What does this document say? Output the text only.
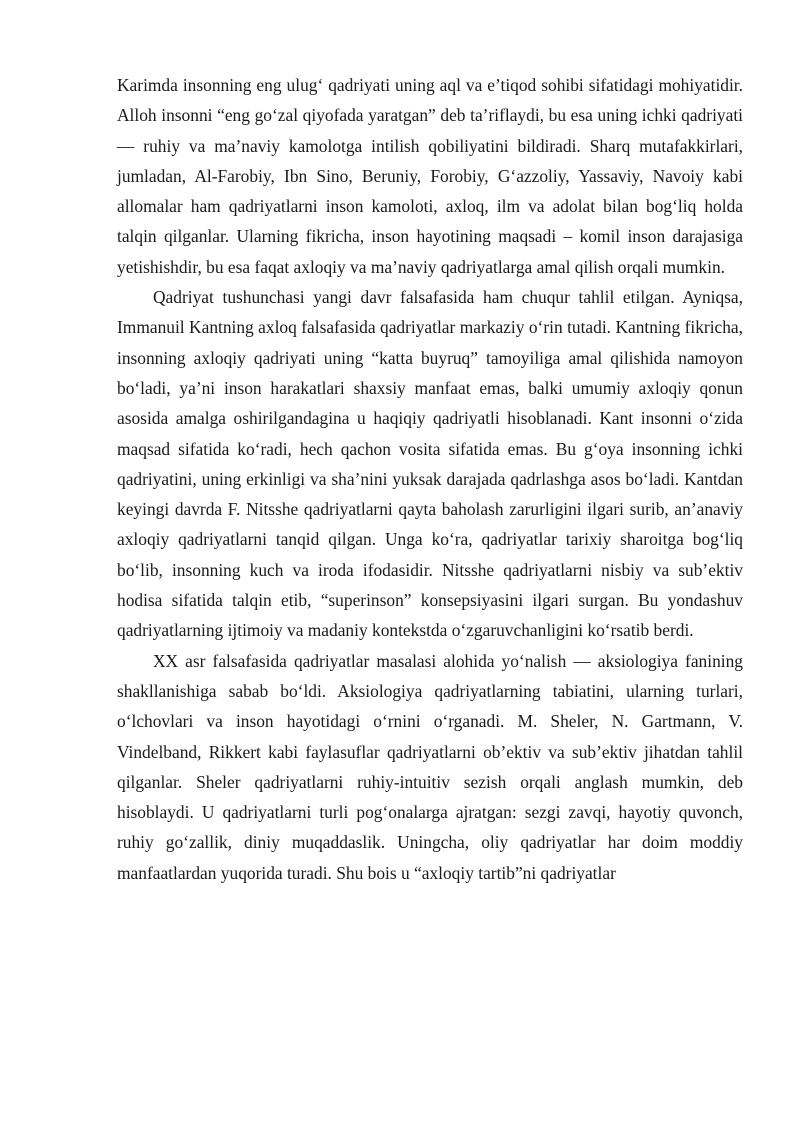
Karimda insonning eng ulug‘ qadriyati uning aql va e’tiqod sohibi sifatidagi mohiyatidir. Alloh insonni “eng go‘zal qiyofada yaratgan” deb ta’riflaydi, bu esa uning ichki qadriyati — ruhiy va ma’naviy kamolotga intilish qobiliyatini bildiradi. Sharq mutafakkirlari, jumladan, Al-Farobiy, Ibn Sino, Beruniy, Forobiy, G‘azzoliy, Yassaviy, Navoiy kabi allomalar ham qadriyatlarni inson kamoloti, axloq, ilm va adolat bilan bog‘liq holda talqin qilganlar. Ularning fikricha, inson hayotining maqsadi – komil inson darajasiga yetishishdir, bu esa faqat axloqiy va ma’naviy qadriyatlarga amal qilish orqali mumkin.

Qadriyat tushunchasi yangi davr falsafasida ham chuqur tahlil etilgan. Ayniqsa, Immanuil Kantning axloq falsafasida qadriyatlar markaziy o‘rin tutadi. Kantning fikricha, insonning axloqiy qadriyati uning “katta buyruq” tamoyiliga amal qilishida namoyon bo‘ladi, ya’ni inson harakatlari shaxsiy manfaat emas, balki umumiy axloqiy qonun asosida amalga oshirilgandagina u haqiqiy qadriyatli hisoblanadi. Kant insonni o‘zida maqsad sifatida ko‘radi, hech qachon vosita sifatida emas. Bu g‘oya insonning ichki qadriyatini, uning erkinligi va sha’nini yuksak darajada qadrlashga asos bo‘ladi. Kantdan keyingi davrda F. Nitsshe qadriyatlarni qayta baholash zarurligini ilgari surib, an’anaviy axloqiy qadriyatlarni tanqid qilgan. Unga ko‘ra, qadriyatlar tarixiy sharoitga bog‘liq bo‘lib, insonning kuch va iroda ifodasidir. Nitsshe qadriyatlarni nisbiy va sub’ektiv hodisa sifatida talqin etib, “superinson” konsepsiyasini ilgari surgan. Bu yondashuv qadriyatlarning ijtimoiy va madaniy kontekstda o‘zgaruvchanligini ko‘rsatib berdi.

XX asr falsafasida qadriyatlar masalasi alohida yo‘nalish — aksiologiya fanining shakllanishiga sabab bo‘ldi. Aksiologiya qadriyatlarning tabiatini, ularning turlari, o‘lchovlari va inson hayotidagi o‘rnini o‘rganadi. M. Sheler, N. Gartmann, V. Vindelband, Rikkert kabi faylasuflar qadriyatlarni ob’ektiv va sub’ektiv jihatdan tahlil qilganlar. Sheler qadriyatlarni ruhiy-intuitiv sezish orqali anglash mumkin, deb hisoblaydi. U qadriyatlarni turli pog‘onalarga ajratgan: sezgi zavqi, hayotiy quvonch, ruhiy go‘zallik, diniy muqaddaslik. Uningcha, oliy qadriyatlar har doim moddiy manfaatlardan yuqorida turadi. Shu bois u “axloqiy tartib”ni qadriyatlar
